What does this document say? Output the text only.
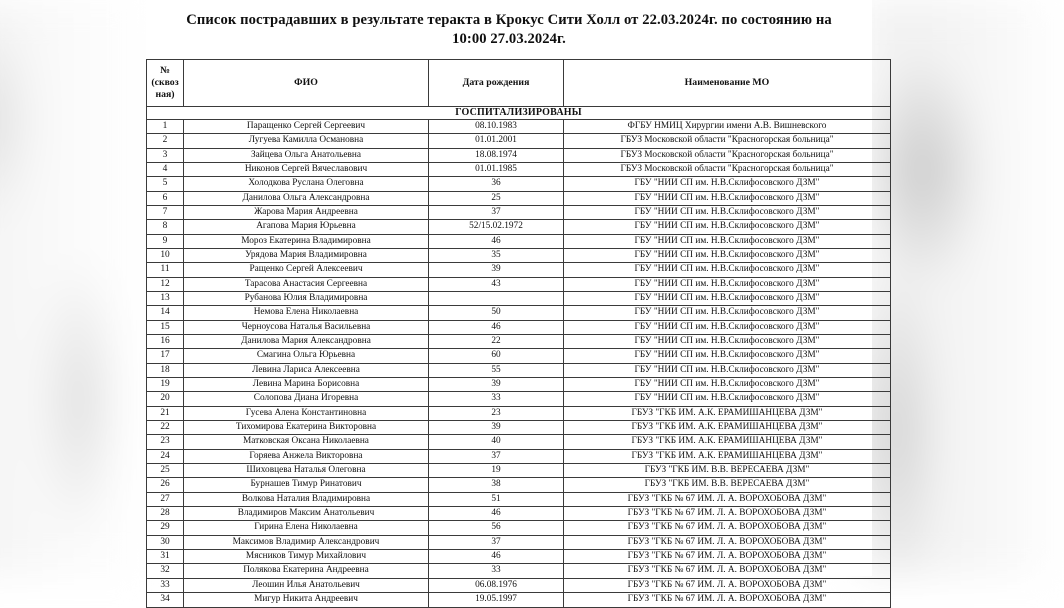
Список пострадавших в результате теракта в Крокус Сити Холл от 22.03.2024г. по состоянию на 10:00 27.03.2024г.
№
(сквоз
ная)	ФИО	Дата рождения	Наименование МО
ГОСПИТАЛИЗИРОВАНЫ			
1	Паращенко Сергей Сергеевич	08.10.1983	ФГБУ НМИЦ Хирургии имени А.В. Вишневского
2	Лугуева Камилла Османовна	01.01.2001	ГБУЗ Московской области "Красногорская больница"
3	Зайцева Ольга Анатольевна	18.08.1974	ГБУЗ Московской области "Красногорская больница"
4	Никонов Сергей Вячеславович	01.01.1985	ГБУЗ Московской области "Красногорская больница"
5	Холодкова Руслана Олеговна	36	ГБУ "НИИ СП им. Н.В.Склифосовского ДЗМ"
6	Данилова Ольга Александровна	25	ГБУ "НИИ СП им. Н.В.Склифосовского ДЗМ"
7	Жарова Мария Андреевна	37	ГБУ "НИИ СП им. Н.В.Склифосовского ДЗМ"
8	Агапова Мария Юрьевна	52/15.02.1972	ГБУ "НИИ СП им. Н.В.Склифосовского ДЗМ"
9	Мороз Екатерина Владимировна	46	ГБУ "НИИ СП им. Н.В.Склифосовского ДЗМ"
10	Урядова Мария Владимировна	35	ГБУ "НИИ СП им. Н.В.Склифосовского ДЗМ"
11	Ращенко Сергей Алексеевич	39	ГБУ "НИИ СП им. Н.В.Склифосовского ДЗМ"
12	Тарасова Анастасия Сергеевна	43	ГБУ "НИИ СП им. Н.В.Склифосовского ДЗМ"
13	Рубанова Юлия Владимировна		ГБУ "НИИ СП им. Н.В.Склифосовского ДЗМ"
14	Немова Елена Николаевна	50	ГБУ "НИИ СП им. Н.В.Склифосовского ДЗМ"
15	Черноусова Наталья Васильевна	46	ГБУ "НИИ СП им. Н.В.Склифосовского ДЗМ"
16	Данилова Мария Александровна	22	ГБУ "НИИ СП им. Н.В.Склифосовского ДЗМ"
17	Смагина Ольга Юрьевна	60	ГБУ "НИИ СП им. Н.В.Склифосовского ДЗМ"
18	Левина Лариса Алексеевна	55	ГБУ "НИИ СП им. Н.В.Склифосовского ДЗМ"
19	Левина Марина Борисовна	39	ГБУ "НИИ СП им. Н.В.Склифосовского ДЗМ"
20	Солопова Диана Игоревна	33	ГБУ "НИИ СП им. Н.В.Склифосовского ДЗМ"
21	Гусева Алена Константиновна	23	ГБУЗ "ГКБ ИМ. А.К. ЕРАМИШАНЦЕВА ДЗМ"
22	Тихомирова Екатерина Викторовна	39	ГБУЗ "ГКБ ИМ. А.К. ЕРАМИШАНЦЕВА ДЗМ"
23	Матковская Оксана Николаевна	40	ГБУЗ "ГКБ ИМ. А.К. ЕРАМИШАНЦЕВА ДЗМ"
24	Горяева Анжела Викторовна	37	ГБУЗ "ГКБ ИМ. А.К. ЕРАМИШАНЦЕВА ДЗМ"
25	Шиховцева Наталья Олеговна	19	ГБУЗ "ГКБ ИМ. В.В. ВЕРЕСАЕВА ДЗМ"
26	Бурнашев Тимур Ринатович	38	ГБУЗ "ГКБ ИМ. В.В. ВЕРЕСАЕВА ДЗМ"
27	Волкова Наталия Владимировна	51	ГБУЗ "ГКБ № 67 ИМ. Л. А. ВОРОХОБОВА ДЗМ"
28	Владимиров Максим Анатольевич	46	ГБУЗ "ГКБ № 67 ИМ. Л. А. ВОРОХОБОВА ДЗМ"
29	Гирина Елена Николаевна	56	ГБУЗ "ГКБ № 67 ИМ. Л. А. ВОРОХОБОВА ДЗМ"
30	Максимов Владимир Александрович	37	ГБУЗ "ГКБ № 67 ИМ. Л. А. ВОРОХОБОВА ДЗМ"
31	Мясников Тимур Михайлович	46	ГБУЗ "ГКБ № 67 ИМ. Л. А. ВОРОХОБОВА ДЗМ"
32	Полякова Екатерина Андреевна	33	ГБУЗ "ГКБ № 67 ИМ. Л. А. ВОРОХОБОВА ДЗМ"
33	Леошин Илья Анатольевич	06.08.1976	ГБУЗ "ГКБ № 67 ИМ. Л. А. ВОРОХОБОВА ДЗМ"
34	Мигур Никита Андреевич	19.05.1997	ГБУЗ "ГКБ № 67 ИМ. Л. А. ВОРОХОБОВА ДЗМ"
